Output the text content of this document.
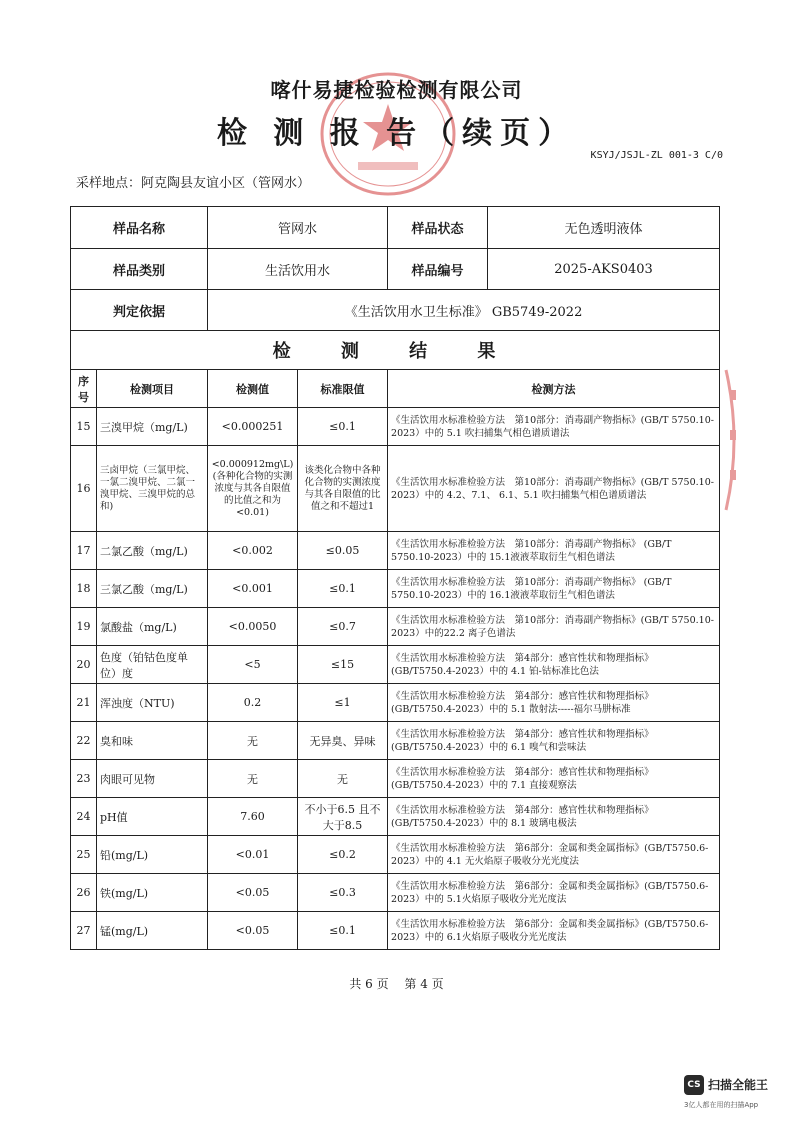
喀什易捷检验检测有限公司
检 测 报 告（续页）
KSYJ/JSJL-ZL 001-3 C/0
采样地点：阿克陶县友谊小区（管网水）
样品名称		管网水		样品状态	无色透明液体
样品类别		生活饮用水		样品编号	2025-AKS0403
判定依据		《生活饮用水卫生标准》 GB5749-2022			
检 测 结 果					
序号	检测项目	检测值	标准限值	检测方法	
15	三溴甲烷（mg/L)	<0.000251	≤0.1	《生活饮用水标准检验方法　第10部分：消毒副产物指标》(GB/T 5750.10-2023）中的 5.1 吹扫捕集气相色谱质谱法	
16	三卤甲烷（三氯甲烷、一氯二溴甲烷、二氯一溴甲烷、三溴甲烷的总和)	<0.000912mg\L)(各种化合物的实测浓度与其各自限值的比值之和为<0.01)	该类化合物中各种化合物的实测浓度与其各自限值的比值之和不超过1	《生活饮用水标准检验方法　第10部分：消毒副产物指标》(GB/T 5750.10-2023）中的 4.2、7.1、 6.1、5.1 吹扫捕集气相色谱质谱法	
17	二氯乙酸（mg/L)	<0.002	≤0.05	《生活饮用水标准检验方法　第10部分：消毒副产物指标》 (GB/T 5750.10-2023）中的 15.1液液萃取衍生气相色谱法	
18	三氯乙酸（mg/L)	<0.001	≤0.1	《生活饮用水标准检验方法　第10部分：消毒副产物指标》 (GB/T 5750.10-2023）中的 16.1液液萃取衍生气相色谱法	
19	氯酸盐（mg/L)	<0.0050	≤0.7	《生活饮用水标准检验方法　第10部分：消毒副产物指标》(GB/T 5750.10-2023）中的22.2 离子色谱法	
20	色度（铂钴色度单位）度	<5	≤15	《生活饮用水标准检验方法　第4部分：感官性状和物理指标》(GB/T5750.4-2023）中的 4.1 铂-钴标准比色法	
21	浑浊度（NTU)	0.2	≤1	《生活饮用水标准检验方法　第4部分：感官性状和物理指标》(GB/T5750.4-2023）中的 5.1 散射法-----福尔马肼标准	
22	臭和味	无	无异臭、异味	《生活饮用水标准检验方法　第4部分：感官性状和物理指标》(GB/T5750.4-2023）中的 6.1 嗅气和尝味法	
23	肉眼可见物	无	无	《生活饮用水标准检验方法　第4部分：感官性状和物理指标》(GB/T5750.4-2023）中的 7.1 直接观察法	
24	pH值	7.60	不小于6.5 且不大于8.5	《生活饮用水标准检验方法　第4部分：感官性状和物理指标》(GB/T5750.4-2023）中的 8.1 玻璃电极法	
25	铅(mg/L)	<0.01	≤0.2	《生活饮用水标准检验方法　第6部分：金属和类金属指标》(GB/T5750.6-2023）中的 4.1 无火焰原子吸收分光光度法	
26	铁(mg/L)	<0.05	≤0.3	《生活饮用水标准检验方法　第6部分：金属和类金属指标》(GB/T5750.6-2023）中的 5.1火焰原子吸收分光光度法	
27	锰(mg/L)	<0.05	≤0.1	《生活饮用水标准检验方法　第6部分：金属和类金属指标》(GB/T5750.6-2023）中的 6.1火焰原子吸收分光光度法	
共 6 页　 第 4 页
CS 扫描全能王
3亿人都在用的扫描App
